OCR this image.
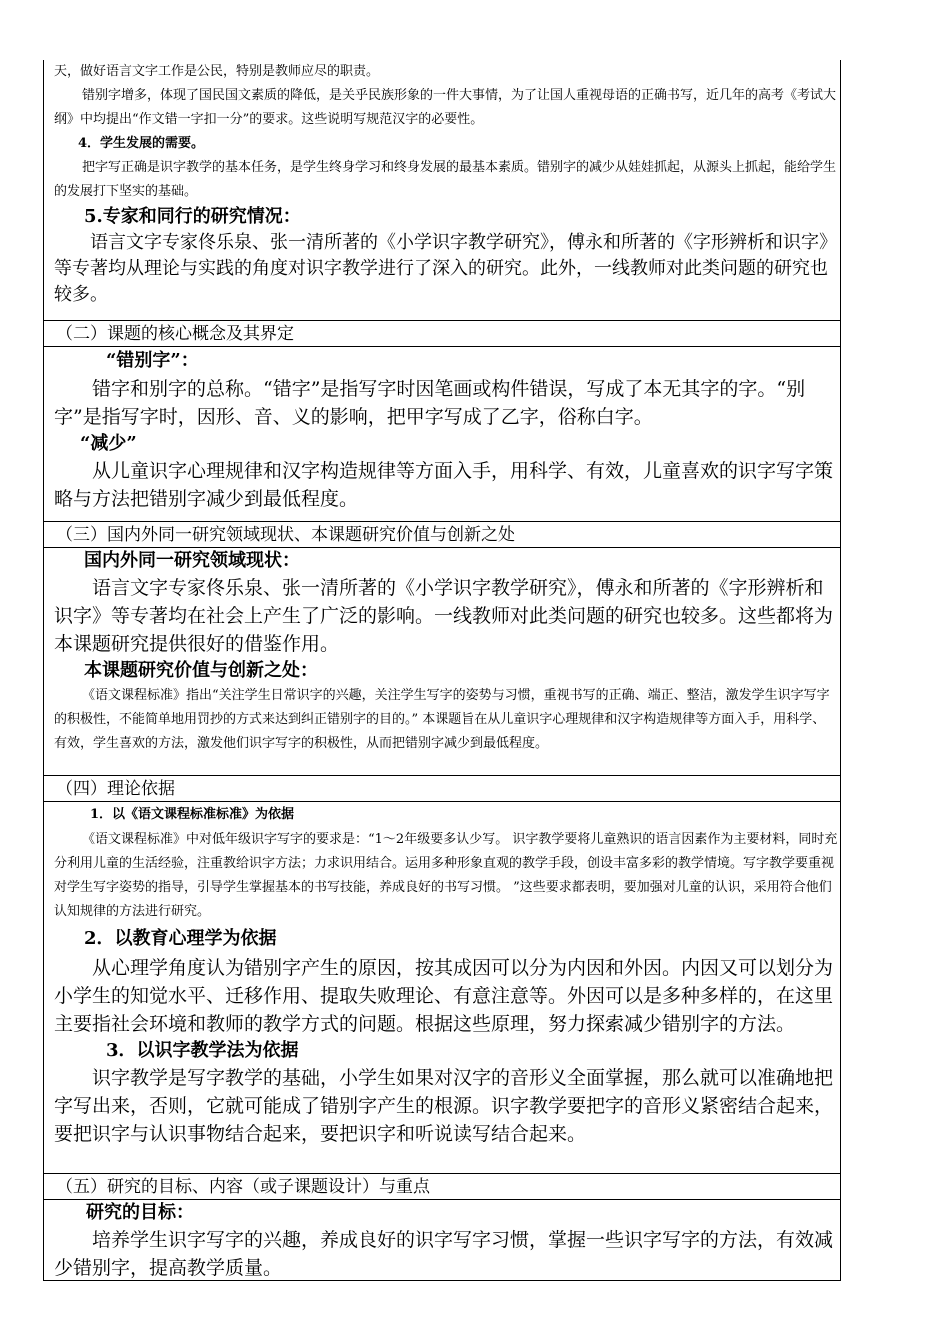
天，做好语言文字工作是公民，特别是教师应尽的职责。

错别字增多，体现了国民国文素质的降低，是关乎民族形象的一件大事情，为了让国人重视母语的正确书写，近几年的高考《考试大纲》中均提出“作文错一字扣一分”的要求。这些说明写规范汉字的必要性。

4．学生发展的需要。

把字写正确是识字教学的基本任务，是学生终身学习和终身发展的最基本素质。错别字的减少从娃娃抓起，从源头上抓起，能给学生的发展打下坚实的基础。

5.专家和同行的研究情况：

语言文字专家佟乐泉、张一清所著的《小学识字教学研究》，傅永和所著的《字形辨析和识字》等专著均从理论与实践的角度对识字教学进行了深入的研究。此外，一线教师对此类问题的研究也较多。

（二）课题的核心概念及其界定

“错别字”：

错字和别字的总称。“错字”是指写字时因笔画或构件错误，写成了本无其字的字。“别字”是指写字时，因形、音、义的影响，把甲字写成了乙字，俗称白字。

“减少”

从儿童识字心理规律和汉字构造规律等方面入手，用科学、有效，儿童喜欢的识字写字策略与方法把错别字减少到最低程度。

（三）国内外同一研究领域现状、本课题研究价值与创新之处

国内外同一研究领域现状：

语言文字专家佟乐泉、张一清所著的《小学识字教学研究》，傅永和所著的《字形辨析和识字》等专著均在社会上产生了广泛的影响。一线教师对此类问题的研究也较多。这些都将为本课题研究提供很好的借鉴作用。

本课题研究价值与创新之处：

《语文课程标准》指出“关注学生日常识字的兴趣，关注学生写字的姿势与习惯，重视书写的正确、端正、整洁，激发学生识字写字的积极性，不能简单地用罚抄的方式来达到纠正错别字的目的。” 本课题旨在从儿童识字心理规律和汉字构造规律等方面入手，用科学、有效，学生喜欢的方法，激发他们识字写字的积极性，从而把错别字减少到最低程度。

（四）理论依据

1．以《语文课程标准标准》为依据

《语文课程标准》中对低年级识字写字的要求是：“1～2年级要多认少写。 识字教学要将儿童熟识的语言因素作为主要材料，同时充分利用儿童的生活经验，注重教给识字方法；力求识用结合。运用多种形象直观的教学手段，创设丰富多彩的教学情境。写字教学要重视对学生写字姿势的指导，引导学生掌握基本的书写技能，养成良好的书写习惯。 ”这些要求都表明，要加强对儿童的认识，采用符合他们认知规律的方法进行研究。

2．以教育心理学为依据

从心理学角度认为错别字产生的原因，按其成因可以分为内因和外因。内因又可以划分为小学生的知觉水平、迁移作用、提取失败理论、有意注意等。外因可以是多种多样的，在这里主要指社会环境和教师的教学方式的问题。根据这些原理，努力探索减少错别字的方法。

3．以识字教学法为依据

识字教学是写字教学的基础，小学生如果对汉字的音形义全面掌握，那么就可以准确地把字写出来，否则，它就可能成了错别字产生的根源。识字教学要把字的音形义紧密结合起来，要把识字与认识事物结合起来，要把识字和听说读写结合起来。

（五）研究的目标、内容（或子课题设计）与重点

研究的目标：

培养学生识字写字的兴趣，养成良好的识字写字习惯，掌握一些识字写字的方法，有效减少错别字，提高教学质量。
